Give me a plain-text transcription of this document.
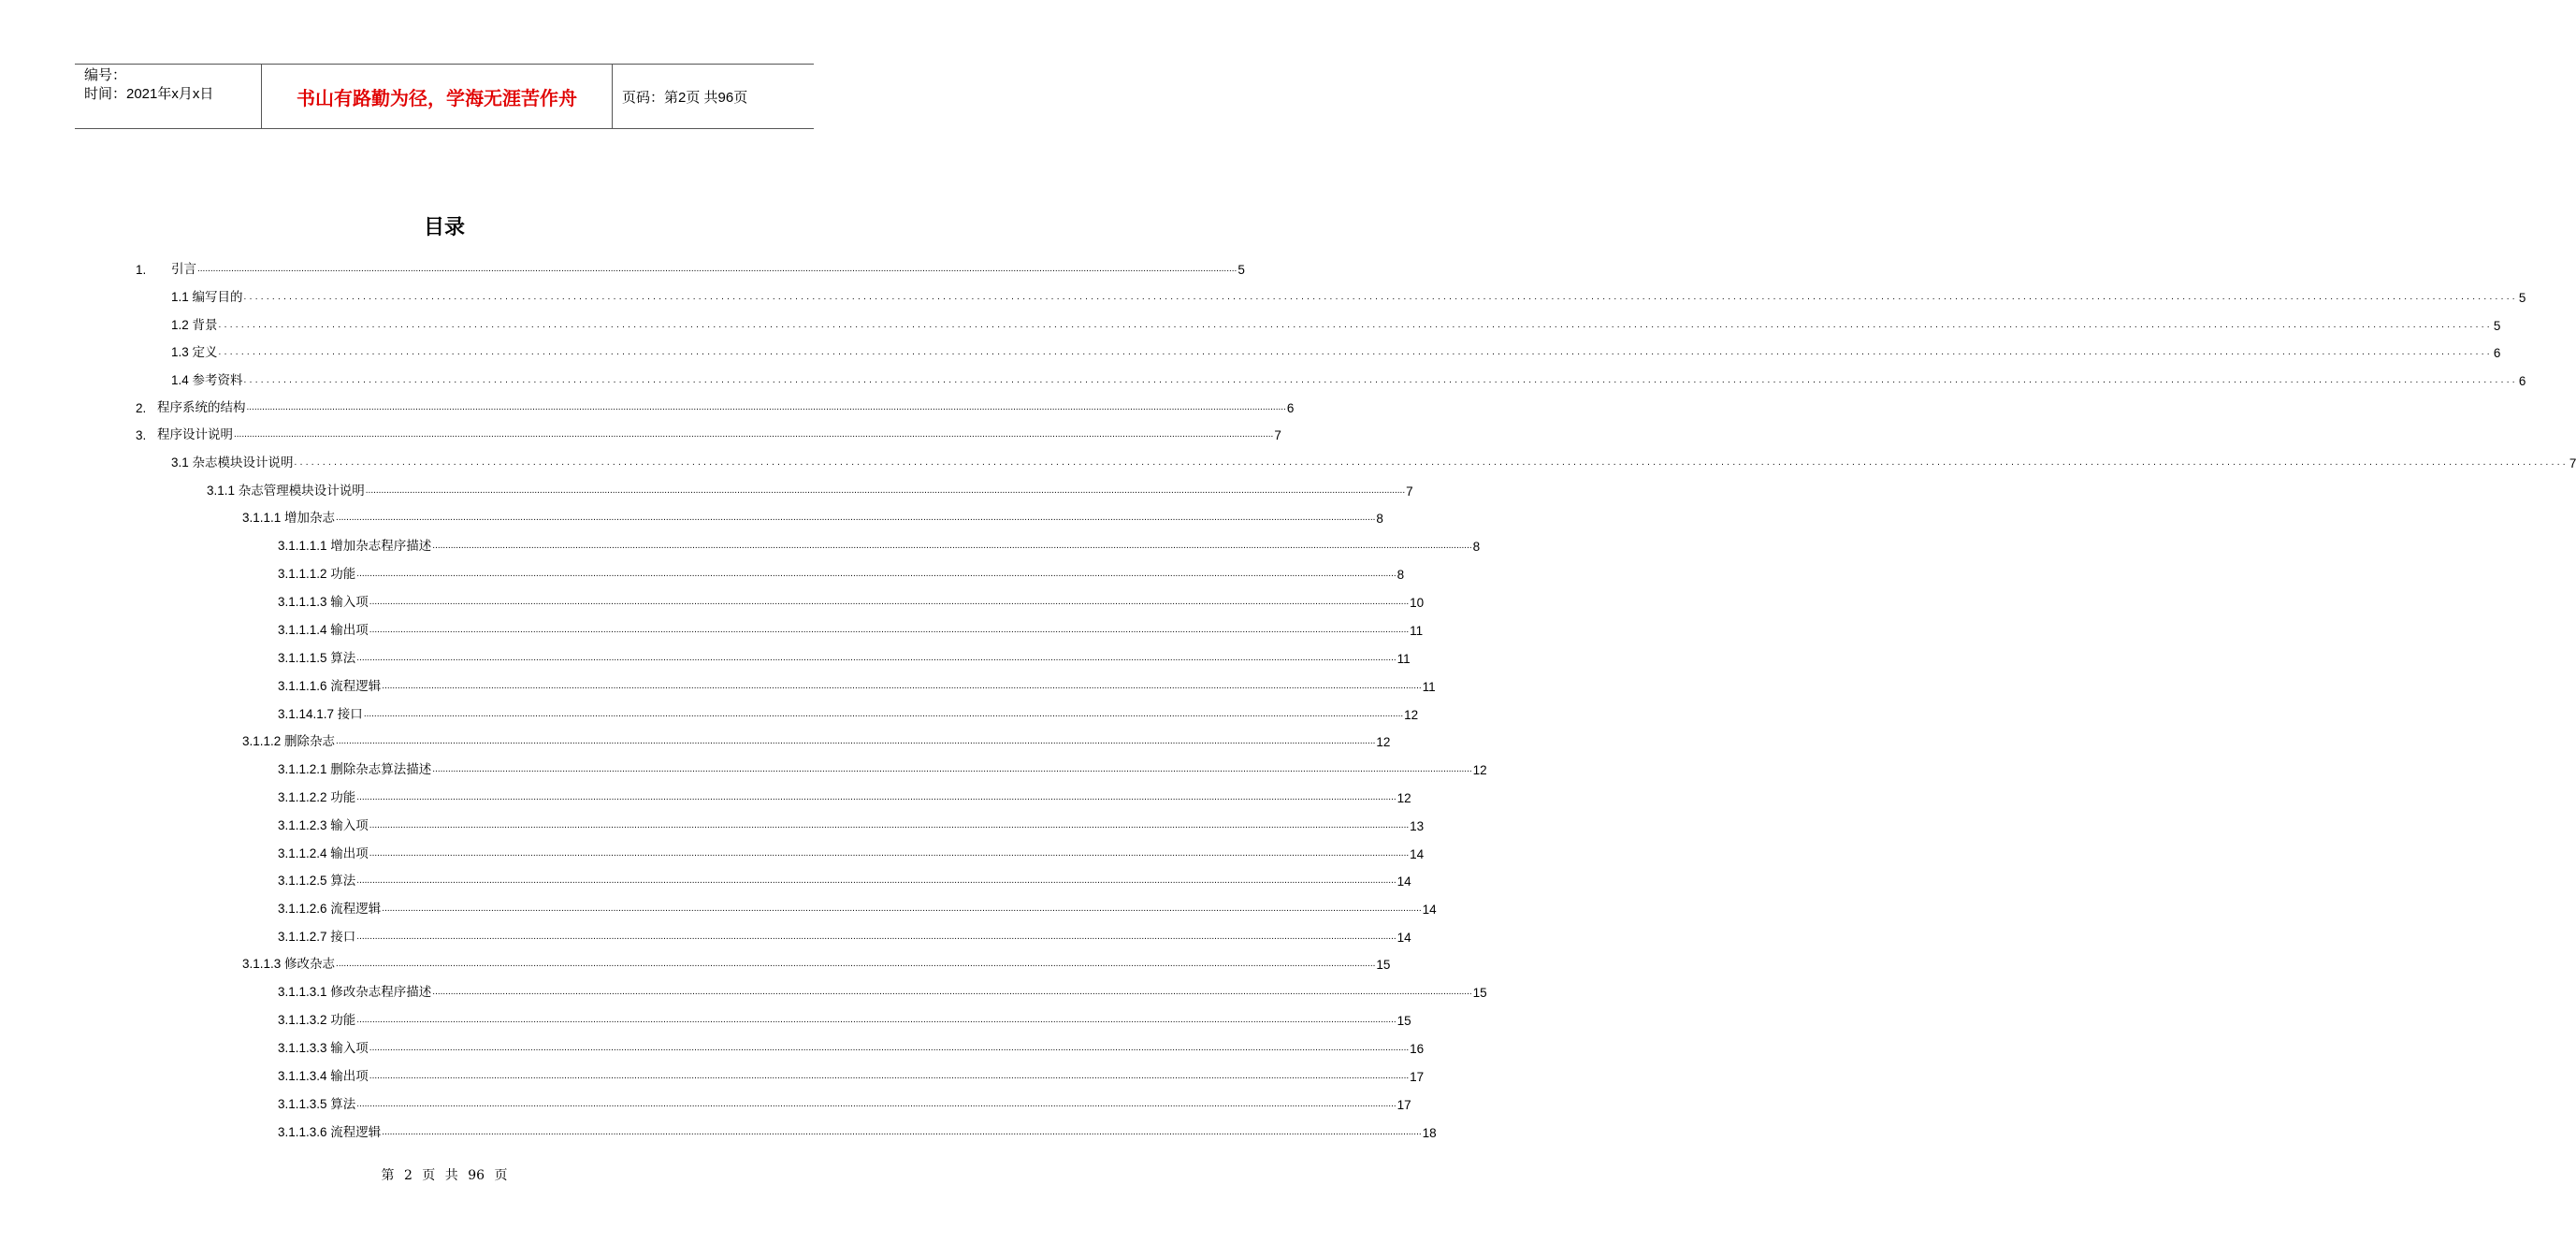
编号：
时间：2021年x月x日	书山有路勤为径，学海无涯苦作舟	页码：第2页 共96页
目录
1.	引言 ................................................................................................................................................................................................................................................................................................................................................................................................................ 5
1.1 编写目的 ................................................................................................................................................................................................................................................................................................................................................................................................................ 5
1.2 背景 ................................................................................................................................................................................................................................................................................................................................................................................................................ 5
1.3 定义 ................................................................................................................................................................................................................................................................................................................................................................................................................ 6
1.4 参考资料 ................................................................................................................................................................................................................................................................................................................................................................................................................ 6
2. 程序系统的结构 ................................................................................................................................................................................................................................................................................................................................................................................................................ 6
3. 程序设计说明 ................................................................................................................................................................................................................................................................................................................................................................................................................ 7
3.1 杂志模块设计说明 ................................................................................................................................................................................................................................................................................................................................................................................................................ 7
3.1.1 杂志管理模块设计说明 ................................................................................................................................................................................................................................................................................................................................................................................................................ 7
3.1.1.1 增加杂志 ................................................................................................................................................................................................................................................................................................................................................................................................................ 8
3.1.1.1.1 增加杂志程序描述 ................................................................................................................................................................................................................................................................................................................................................................................................................ 8
3.1.1.1.2 功能 ................................................................................................................................................................................................................................................................................................................................................................................................................ 8
3.1.1.1.3 输入项 ................................................................................................................................................................................................................................................................................................................................................................................................................ 10
3.1.1.1.4 输出项 ................................................................................................................................................................................................................................................................................................................................................................................................................ 11
3.1.1.1.5 算法 ................................................................................................................................................................................................................................................................................................................................................................................................................ 11
3.1.1.1.6 流程逻辑 ................................................................................................................................................................................................................................................................................................................................................................................................................ 11
3.1.14.1.7 接口 ................................................................................................................................................................................................................................................................................................................................................................................................................ 12
3.1.1.2 删除杂志 ................................................................................................................................................................................................................................................................................................................................................................................................................ 12
3.1.1.2.1 删除杂志算法描述 ................................................................................................................................................................................................................................................................................................................................................................................................................ 12
3.1.1.2.2 功能 ................................................................................................................................................................................................................................................................................................................................................................................................................ 12
3.1.1.2.3 输入项 ................................................................................................................................................................................................................................................................................................................................................................................................................ 13
3.1.1.2.4 输出项 ................................................................................................................................................................................................................................................................................................................................................................................................................ 14
3.1.1.2.5 算法 ................................................................................................................................................................................................................................................................................................................................................................................................................ 14
3.1.1.2.6 流程逻辑 ................................................................................................................................................................................................................................................................................................................................................................................................................ 14
3.1.1.2.7 接口 ................................................................................................................................................................................................................................................................................................................................................................................................................ 14
3.1.1.3 修改杂志 ................................................................................................................................................................................................................................................................................................................................................................................................................ 15
3.1.1.3.1 修改杂志程序描述 ................................................................................................................................................................................................................................................................................................................................................................................................................ 15
3.1.1.3.2 功能 ................................................................................................................................................................................................................................................................................................................................................................................................................ 15
3.1.1.3.3 输入项 ................................................................................................................................................................................................................................................................................................................................................................................................................ 16
3.1.1.3.4 输出项 ................................................................................................................................................................................................................................................................................................................................................................................................................ 17
3.1.1.3.5 算法 ................................................................................................................................................................................................................................................................................................................................................................................................................ 17
3.1.1.3.6 流程逻辑 ................................................................................................................................................................................................................................................................................................................................................................................................................ 18
第 2 页 共 96 页
